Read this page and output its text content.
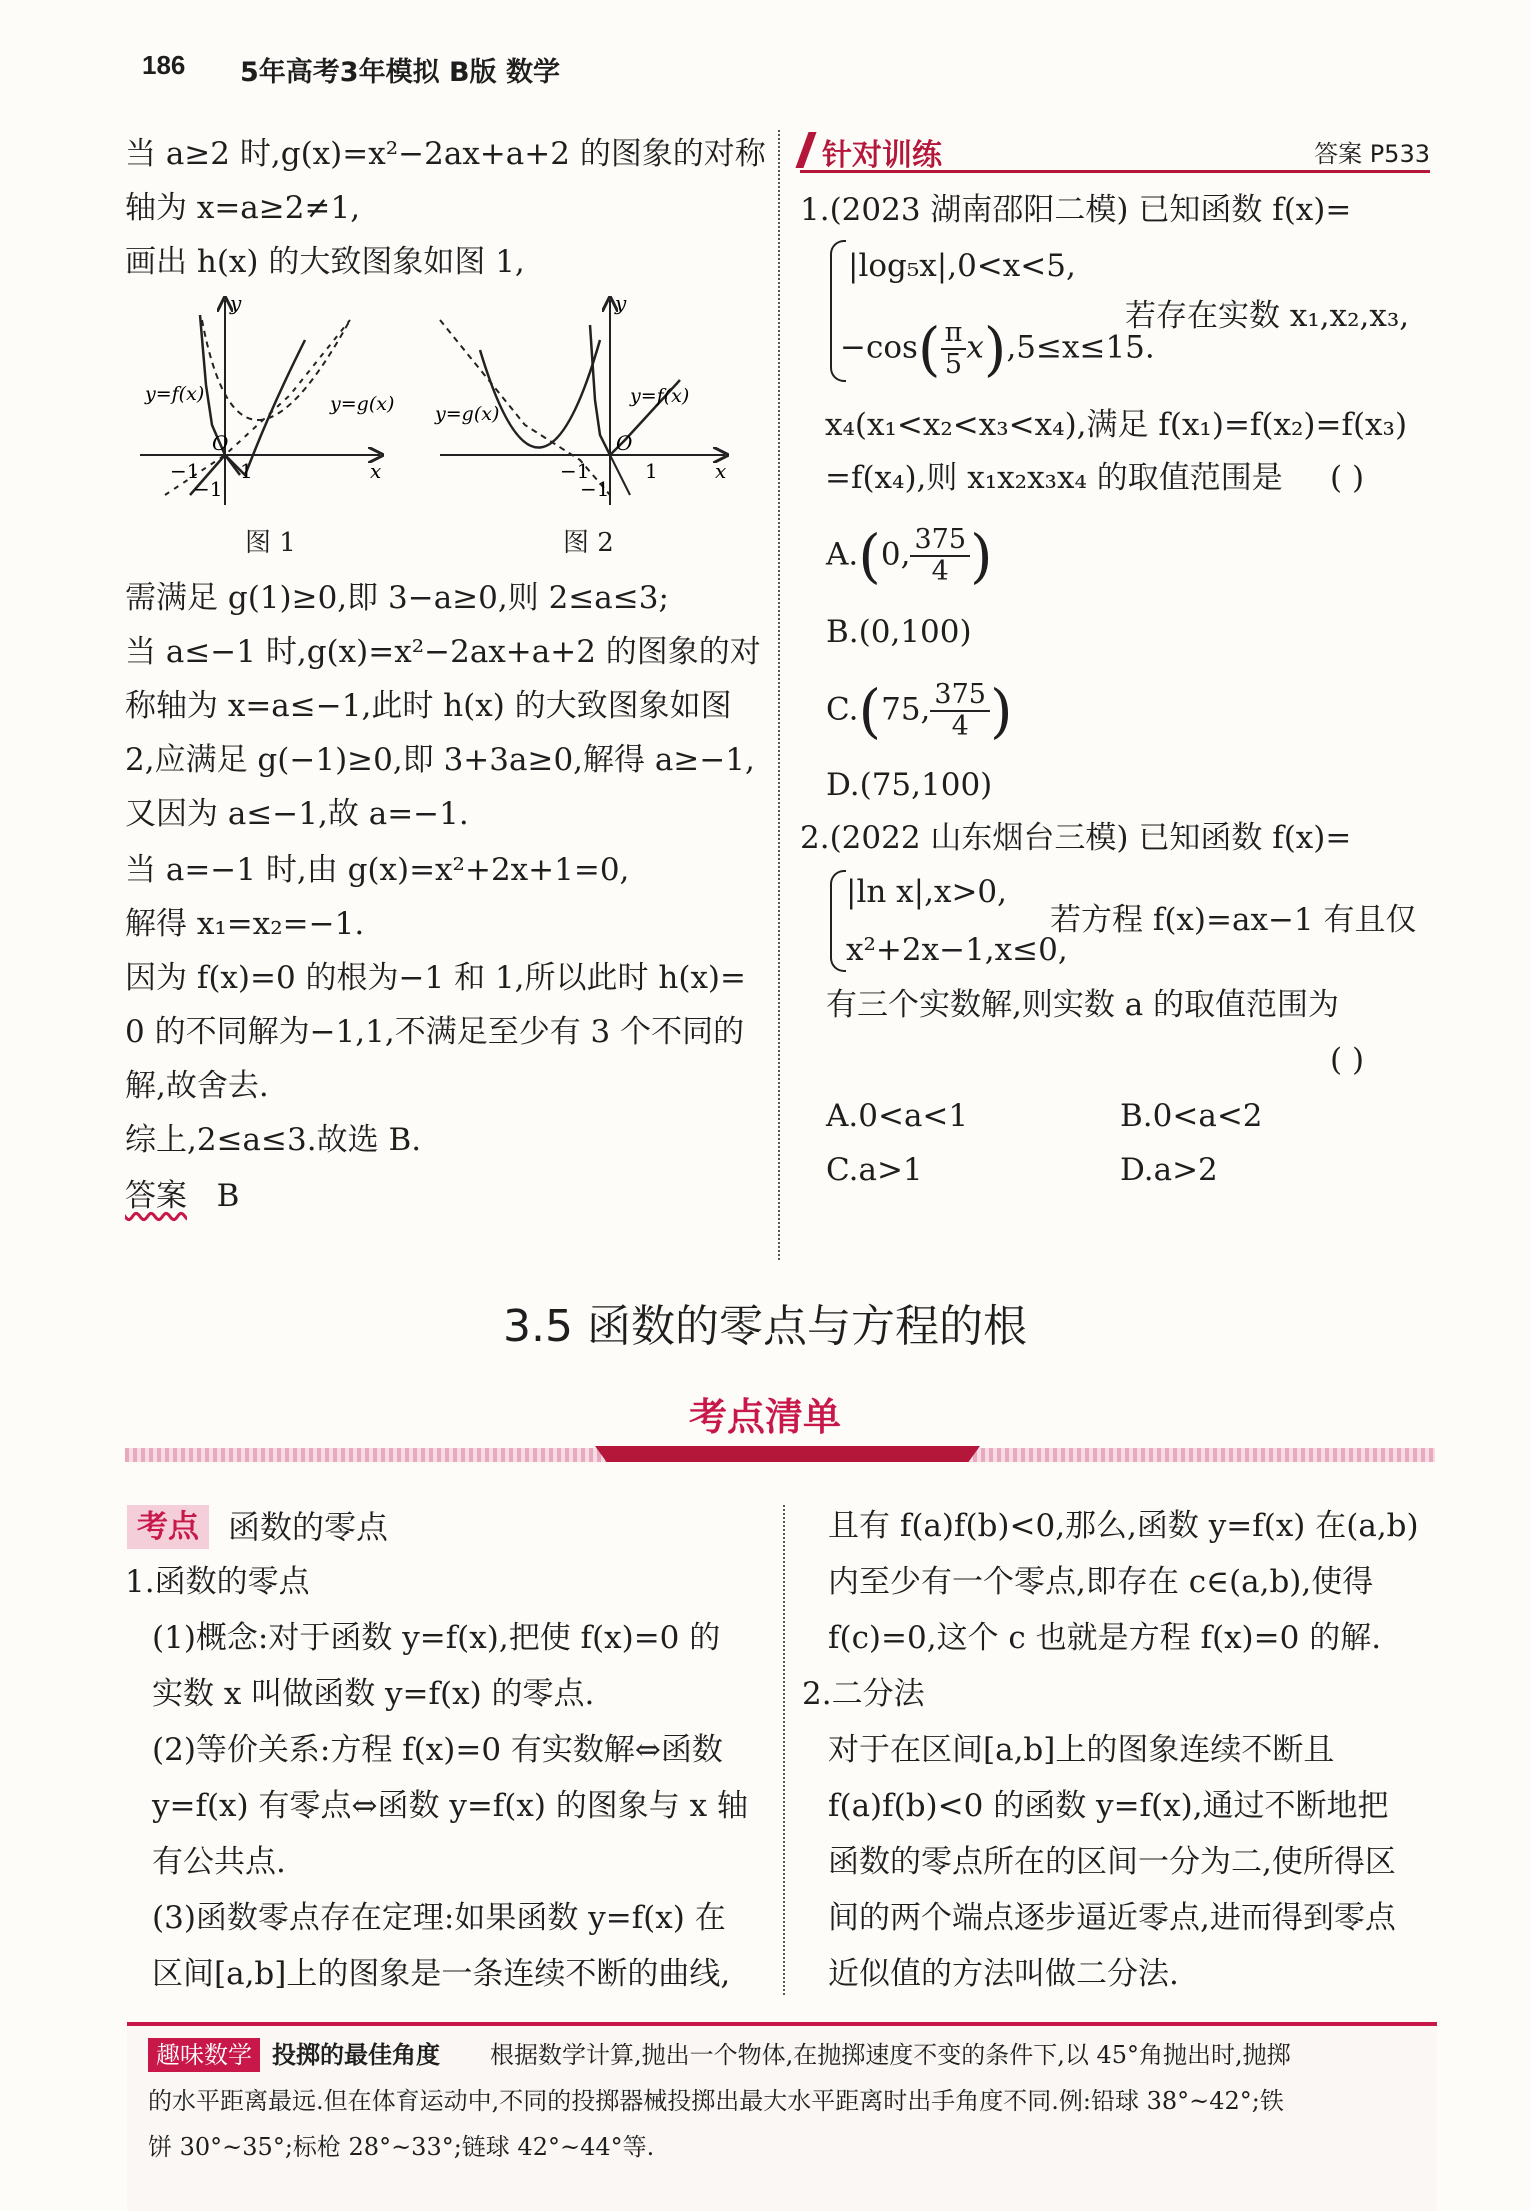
186 5年高考3年模拟 B版 数学
当 a≥2 时,g(x)=x²−2ax+a+2 的图象的对称
轴为 x=a≥2≠1,
画出 h(x) 的大致图象如图 1,
y
x
O
−1 1
−1
y=f(x)	y=g(x)
图 1
y
x
O
−1	1
−1
y=g(x)
y=f(x)
图 2
需满足 g(1)≥0,即 3−a≥0,则 2≤a≤3;
当 a≤−1 时,g(x)=x²−2ax+a+2 的图象的对
称轴为 x=a≤−1,此时 h(x) 的大致图象如图
2,应满足 g(−1)≥0,即 3+3a≥0,解得 a≥−1,
又因为 a≤−1,故 a=−1.
当 a=−1 时,由 g(x)=x²+2x+1=0,
解得 x₁=x₂=−1.
因为 f(x)=0 的根为−1 和 1,所以此时 h(x)=
0 的不同解为−1,1,不满足至少有 3 个不同的
解,故舍去.
综上,2≤a≤3.故选 B.
答案 B
针对训练	答案 P533
1.(2023 湖南邵阳二模) 已知函数 f(x)=
|log₅x|,0<x<5,
$-\cos( \frac{\pi}{5} x),5\le x\le 15$.
若存在实数 x₁,x₂,x₃,
x₄(x₁<x₂<x₃<x₄),满足 f(x₁)=f(x₂)=f(x₃)
=f(x₄),则 x₁x₂x₃x₄ 的取值范围是 ( )
A.(0, $\frac{375}{4}$ )
B.(0,100)
C.(75, $\frac{375}{4}$ )
D.(75,100)
2.(2022 山东烟台三模) 已知函数 f(x)=
|ln x|,x>0,
x²+2x−1,x≤0,
若方程 f(x)=ax−1 有且仅
有三个实数解,则实数 a 的取值范围为
( )
A.0<a<1	B.0<a<2
C.a>1	D.a>2
3.5 函数的零点与方程的根
考点清单
考点 函数的零点
1.函数的零点
(1)概念:对于函数 y=f(x),把使 f(x)=0 的
实数 x 叫做函数 y=f(x) 的零点.
(2)等价关系:方程 f(x)=0 有实数解⇔函数
y=f(x) 有零点⇔函数 y=f(x) 的图象与 x 轴
有公共点.
(3)函数零点存在定理:如果函数 y=f(x) 在
区间[a,b]上的图象是一条连续不断的曲线,
且有 f(a)f(b)<0,那么,函数 y=f(x) 在(a,b)
内至少有一个零点,即存在 c∈(a,b),使得
f(c)=0,这个 c 也就是方程 f(x)=0 的解.
2.二分法
对于在区间[a,b]上的图象连续不断且
f(a)f(b)<0 的函数 y=f(x),通过不断地把
函数的零点所在的区间一分为二,使所得区
间的两个端点逐步逼近零点,进而得到零点
近似值的方法叫做二分法.
趣味数学 投掷的最佳角度 根据数学计算,抛出一个物体,在抛掷速度不变的条件下,以 45°角抛出时,抛掷
的水平距离最远.但在体育运动中,不同的投掷器械投掷出最大水平距离时出手角度不同.例:铅球 38°~42°;铁
饼 30°~35°;标枪 28°~33°;链球 42°~44°等.
